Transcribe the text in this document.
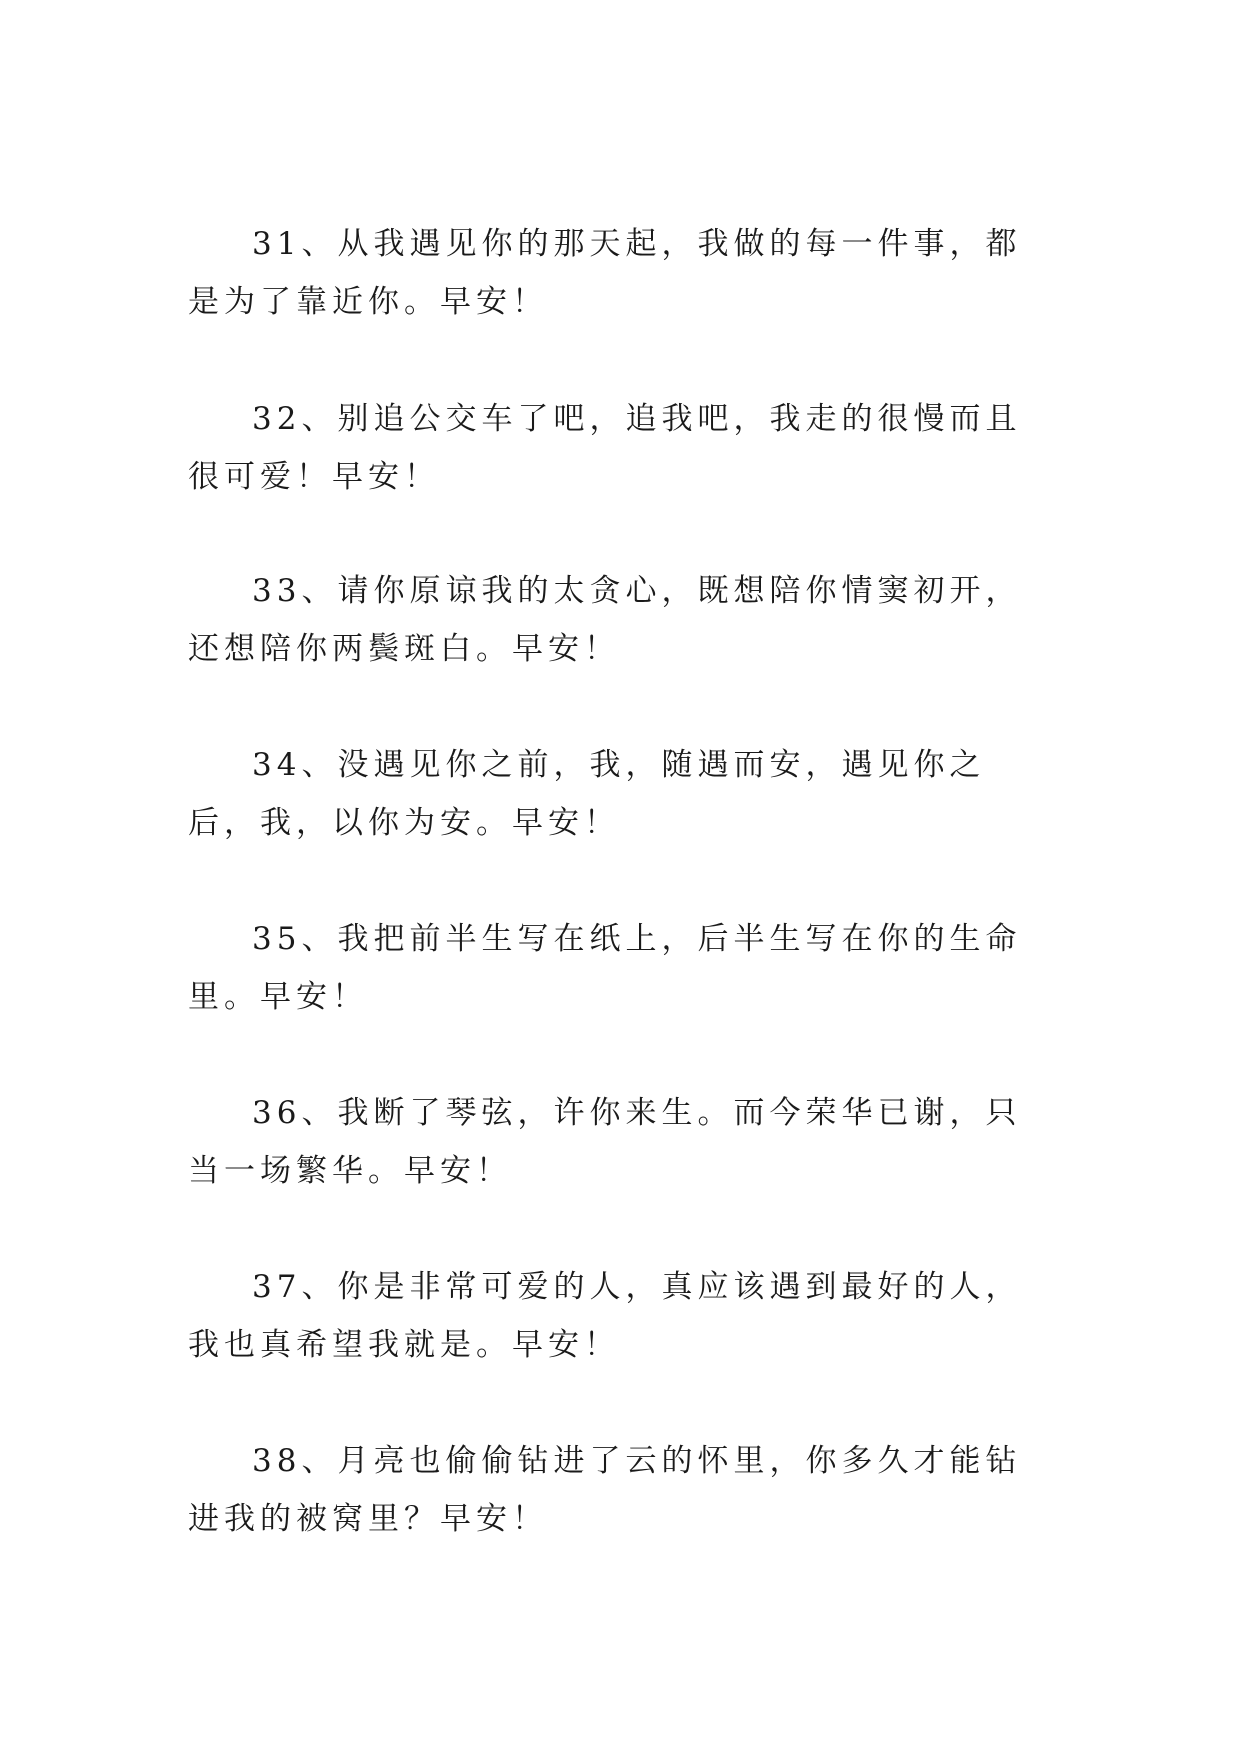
31、从我遇见你的那天起，我做的每一件事，都是为了靠近你。早安！

32、别追公交车了吧，追我吧，我走的很慢而且很可爱！早安！

33、请你原谅我的太贪心，既想陪你情窦初开，还想陪你两鬓斑白。早安！

34、没遇见你之前，我，随遇而安，遇见你之后，我，以你为安。早安！

35、我把前半生写在纸上，后半生写在你的生命里。早安！

36、我断了琴弦，许你来生。而今荣华已谢，只当一场繁华。早安！

37、你是非常可爱的人，真应该遇到最好的人，我也真希望我就是。早安！

38、月亮也偷偷钻进了云的怀里，你多久才能钻进我的被窝里？早安！
